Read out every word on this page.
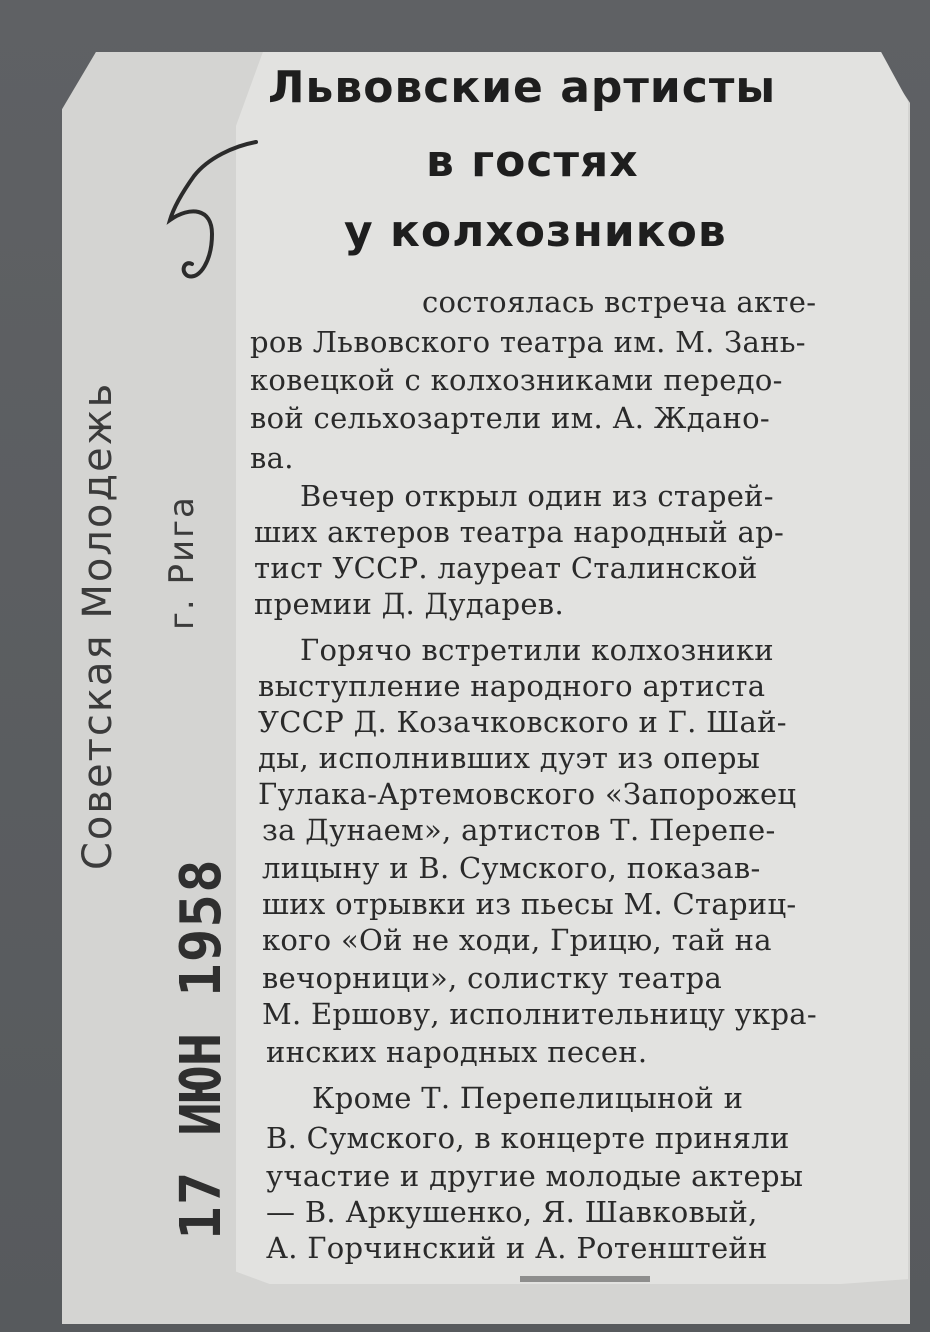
Львовские артисты
в гостях
у колхозников

состоялась встреча акте-

ров Львовского театра им. М. Зань-

ковецкой с колхозниками передо-

вой сельхозартели им. А. Ждано-

ва.

Вечер открыл один из старей-

ших актеров театра народный ар-

тист УССР. лауреат Сталинской

премии Д. Дударев.

Горячо встретили колхозники

выступление народного артиста

УССР Д. Козачковского и Г. Шай-

ды, исполнивших дуэт из оперы

Гулака-Артемовского «Запорожец

за Дунаем», артистов Т. Перепе-

лицыну и В. Сумского, показав-

ших отрывки из пьесы М. Стариц-

кого «Ой не ходи, Грицю, тай на

вечорници», солистку театра

М. Ершову, исполнительницу укра-

инских народных песен.

Кроме Т. Перепелицыной и

В. Сумского, в концерте приняли

участие и другие молодые актеры

— В. Аркушенко, Я. Шавковый,

А. Горчинский и А. Ротенштейн

Советская Молодежь г. Рига
17 ИЮН 1958
